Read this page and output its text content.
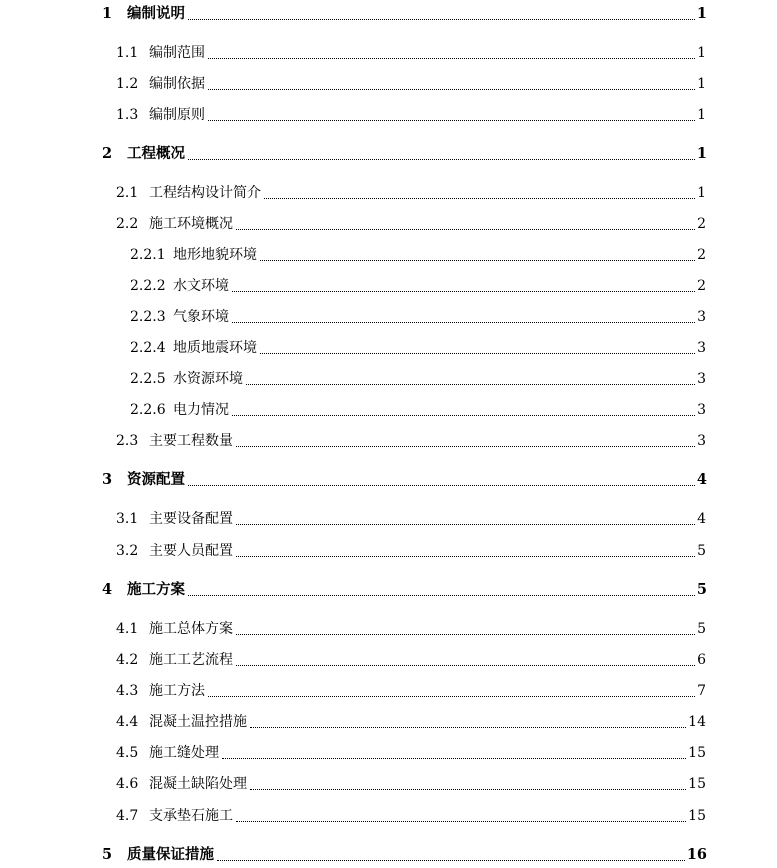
1	编制说明	1
1.1 编制范围	1
1.2 编制依据	1
1.3 编制原则	1
2	工程概况	1
2.1 工程结构设计简介	1
2.2 施工环境概况	2
2.2.1 地形地貌环境	2
2.2.2 水文环境	2
2.2.3 气象环境	3
2.2.4 地质地震环境	3
2.2.5 水资源环境	3
2.2.6 电力情况	3
2.3 主要工程数量	3
3	资源配置	4
3.1 主要设备配置	4
3.2 主要人员配置	5
4	施工方案	5
4.1 施工总体方案	5
4.2 施工工艺流程	6
4.3 施工方法	7
4.4 混凝土温控措施	14
4.5 施工缝处理	15
4.6 混凝土缺陷处理	15
4.7 支承垫石施工	15
5	质量保证措施	16
